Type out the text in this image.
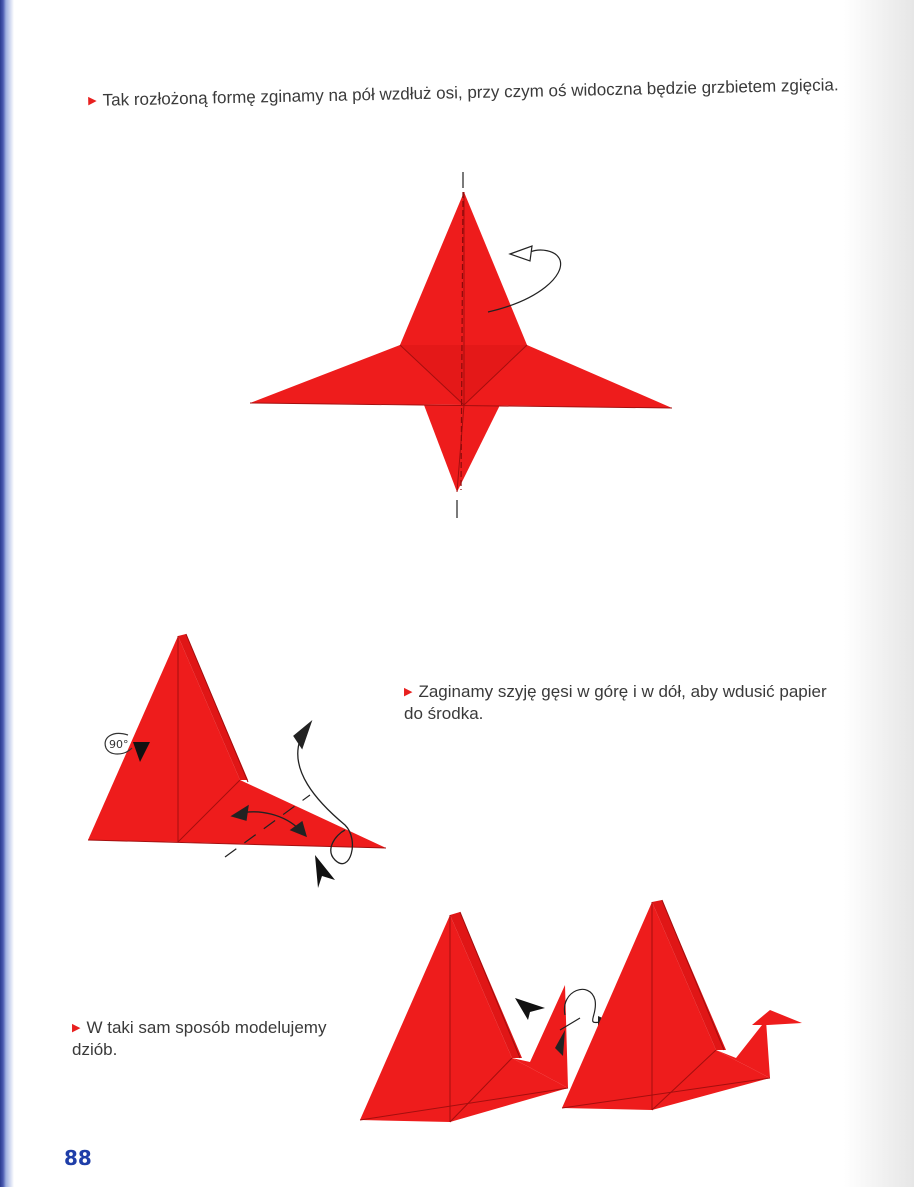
▶ Tak rozłożoną formę zginamy na pół wzdłuż osi, przy czym oś widoczna będzie grzbietem zgięcia.

▶ Zaginamy szyję gęsi w górę i w dół, aby wdusić papier do środka.

▶ W taki sam sposób modelujemy dziób.

90°
88
